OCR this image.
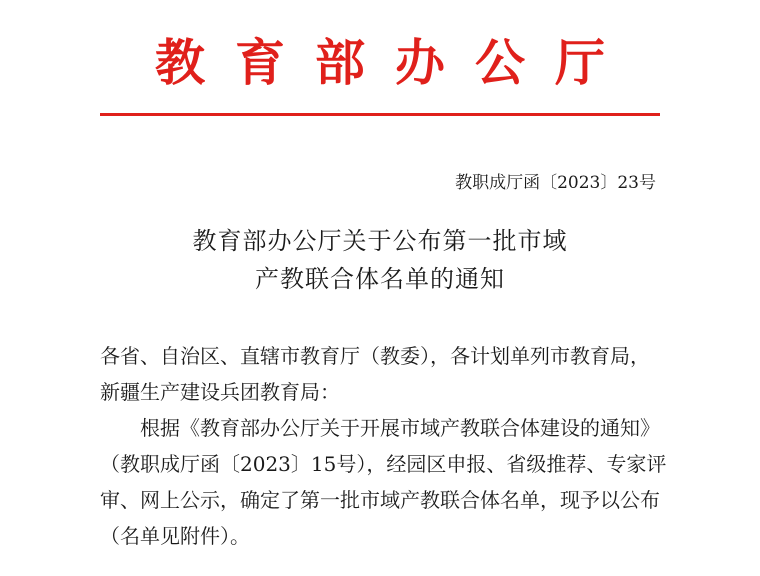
教育部办公厅
教职成厅函〔2023〕23号
教育部办公厅关于公布第一批市域
产教联合体名单的通知

各省、自治区、直辖市教育厅（教委），各计划单列市教育局，
新疆生产建设兵团教育局：

根据《教育部办公厅关于开展市域产教联合体建设的通知》
（教职成厅函〔2023〕15号），经园区申报、省级推荐、专家评
审、网上公示，确定了第一批市域产教联合体名单，现予以公布
（名单见附件）。
